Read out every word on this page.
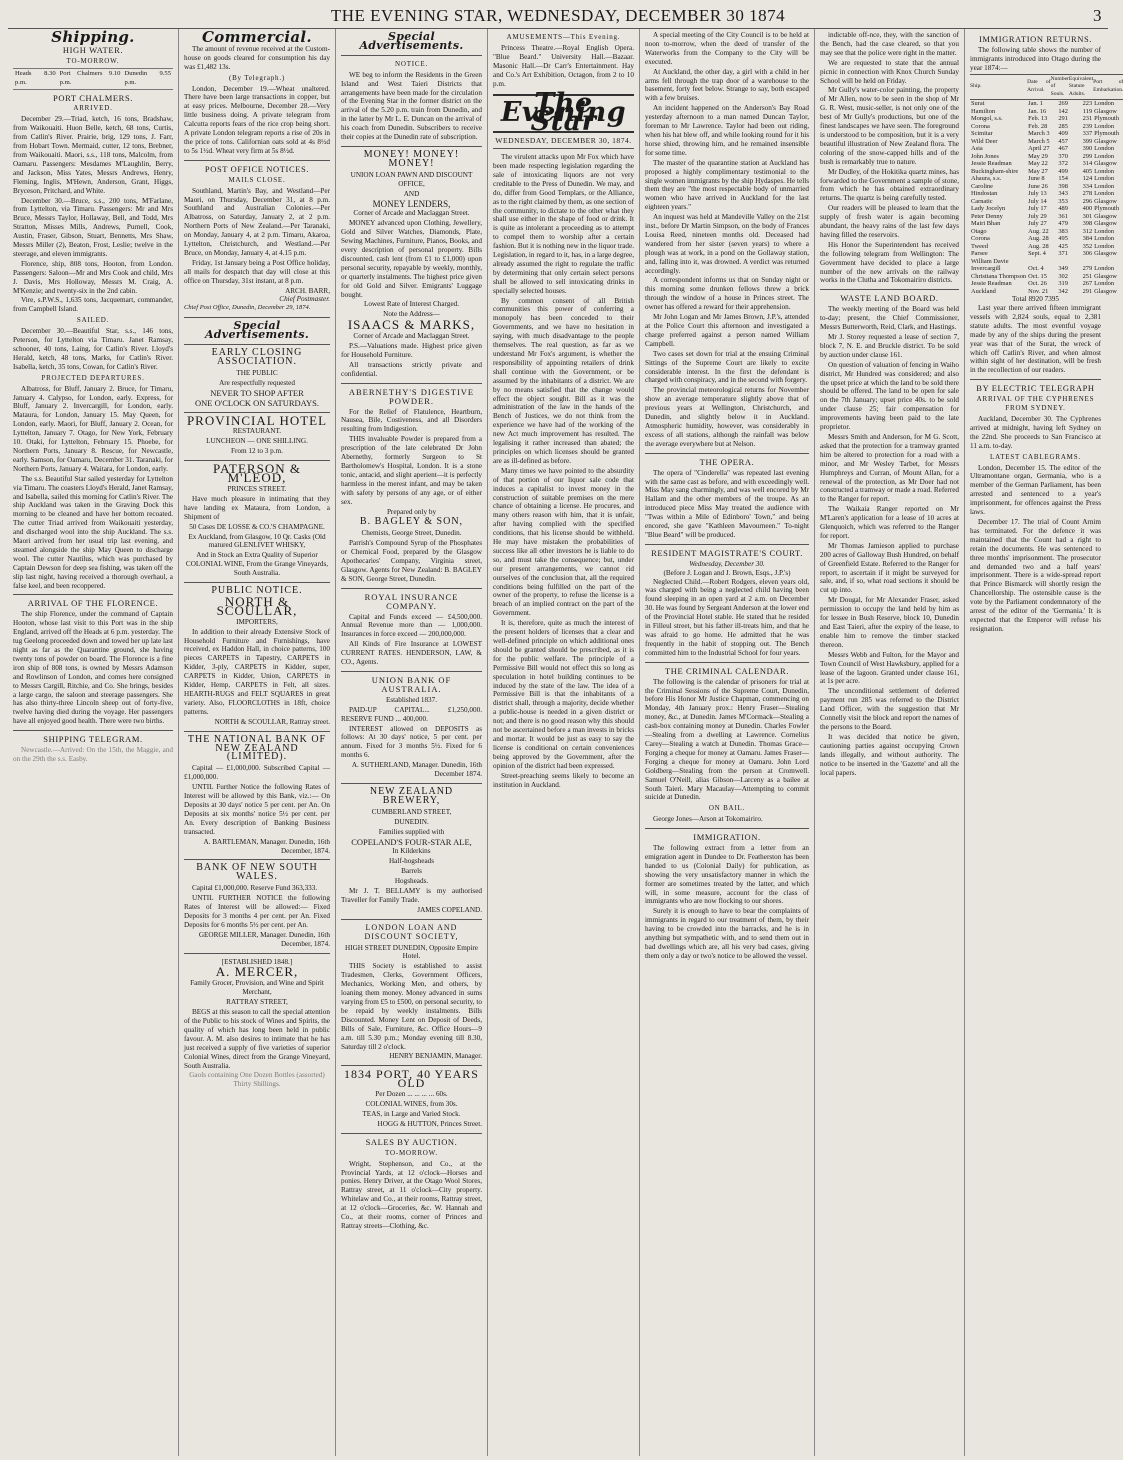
THE EVENING STAR, WEDNESDAY, DECEMBER 30 1874	3
Shipping.
HIGH WATER.
TO-MORROW.
Heads 8.30 p.m.
Port Chalmers 9.10 p.m.
Dunedin 9.55 p.m.
PORT CHALMERS.
ARRIVED.

December 29.—Triad, ketch, 16 tons, Bradshaw, from Waikouaiti. Huon Belle, ketch, 68 tons, Curtis, from Catlin's River. Prairie, brig, 129 tons, J. Farr, from Hobart Town. Mermaid, cutter, 12 tons, Brebner, from Waikouaiti. Maori, s.s., 118 tons, Malcolm, from Oamaru. Passengers: Mesdames M'Laughlin, Berry, and Jackson, Miss Yates, Messrs Andrews, Henry, Fleming, Inglis, M'Hewn, Anderson, Grant, Higgs, Bryceson, Pritchard, and White.

December 30.—Bruce, s.s., 200 tons, M'Farlane, from Lyttelton, via Timaru. Passengers: Mr and Mrs Bruce, Messrs Taylor, Hollaway, Bell, and Todd, Mrs Stratton, Misses Mills, Andrews, Purnell, Cook, Austin, Fraser, Gibson, Stuart, Bennetts, Mrs Shaw, Messrs Miller (2), Beaton, Frost, Leslie; twelve in the steerage, and eleven immigrants.

Florence, ship, 808 tons, Hooton, from London. Passengers: Saloon—Mr and Mrs Cook and child, Mrs J. Davis, Mrs Holloway, Messrs M. Craig, A. M'Kenzie; and twenty-six in the 2nd cabin.

Vire, s.P.W.S., 1,635 tons, Jacquemart, commander, from Campbell Island.

SAILED.

December 30.—Beautiful Star, s.s., 146 tons, Peterson, for Lyttelton via Timaru. Janet Ramsay, schooner, 40 tons, Laing, for Catlin's River. Lloyd's Herald, ketch, 48 tons, Marks, for Catlin's River. Isabella, ketch, 35 tons, Cowan, for Catlin's River.

PROJECTED DEPARTURES.

Albatross, for Bluff, January 2. Bruce, for Timaru, January 4. Calypso, for London, early. Express, for Bluff, January 2. Invercargill, for London, early. Mataura, for London, January 15. May Queen, for London, early. Maori, for Bluff, January 2. Ocean, for Lyttelton, January 7. Otago, for New York, February 10. Otaki, for Lyttelton, February 15. Phoebe, for Northern Ports, January 8. Rescue, for Newcastle, early. Samson, for Oamaru, December 31. Taranaki, for Northern Ports, January 4. Waitara, for London, early.

The s.s. Beautiful Star sailed yesterday for Lyttelton via Timaru. The coasters Lloyd's Herald, Janet Ramsay, and Isabella, sailed this morning for Catlin's River. The ship Auckland was taken in the Graving Dock this morning to be cleaned and have her bottom recoated. The cutter Triad arrived from Waikouaiti yesterday, and discharged wool into the ship Auckland. The s.s. Maori arrived from her usual trip last evening, and steamed alongside the ship May Queen to discharge wool. The cutter Nautilus, which was purchased by Captain Dewson for deep sea fishing, was taken off the slip last night, having received a thorough overhaul, a false keel, and been recoppered.

ARRIVAL OF THE FLORENCE.

The ship Florence, under the command of Captain Hooton, whose last visit to this Port was in the ship England, arrived off the Heads at 6 p.m. yesterday. The tug Geelong proceeded down and towed her up late last night as far as the Quarantine ground, she having twenty tons of powder on board. The Florence is a fine iron ship of 808 tons, is owned by Messrs Adamson and Rowlinson of London, and comes here consigned to Messrs Cargill, Ritchie, and Co. She brings, besides a large cargo, the saloon and steerage passengers. She has also thirty-three Lincoln sheep out of forty-five, twelve having died during the voyage. Her passengers have all enjoyed good health. There were two births.

SHIPPING TELEGRAM.

Newcastle.—Arrived: On the 15th, the Maggie, and on the 29th the s.s. Easby.

Commercial.

The amount of revenue received at the Custom-house on goods cleared for consumption his day was £1,482 13s.

(By Telegraph.)

London, December 19.—Wheat unaltered. There have been large transactions in copper, but at easy prices. Melbourne, December 28.—Very little business doing. A private telegram from Calcutta reports fears of the rice crop being short. A private London telegram reports a rise of 20s in the price of tons. Californian oats sold at 4s 8½d to 5s 1½d. Wheat very firm at 5s 8½d.

POST OFFICE NOTICES.
MAILS CLOSE.

Southland, Martin's Bay, and Westland—Per Maori, on Thursday, December 31, at 8 p.m. Southland and Australian Colonies.—Per Albatross, on Saturday, January 2, at 2 p.m. Northern Ports of New Zealand.—Per Taranaki, on Monday, January 4, at 2 p.m. Timaru, Akaroa, Lyttelton, Christchurch, and Westland.—Per Bruce, on Monday, January 4, at 4.15 p.m.

Friday, 1st January being a Post Office holiday, all mails for despatch that day will close at this office on Thursday, 31st instant, at 8 p.m.

ARCH. BARR,
Chief Postmaster.
Chief Post Office, Dunedin, December 29, 1874.
Special Advertisements.
EARLY CLOSING ASSOCIATION.
THE PUBLIC
Are respectfully requested
NEVER TO SHOP AFTER
ONE O'CLOCK ON SATURDAYS.
PROVINCIAL HOTEL
RESTAURANT.
LUNCHEON — ONE SHILLING.
From 12 to 3 p.m.
PATERSON & M'LEOD,
PRINCES STREET.

Have much pleasure in intimating that they have landing ex Mataura, from London, a Shipment of

50 Cases DE LOSSE & CO.'S CHAMPAGNE.
Ex Auckland, from Glasgow, 10 Qr. Casks (Old matured GLENLIVET WHISKY,
And in Stock an Extra Quality of Superior COLONIAL WINE, From the Grange Vineyards, South Australia.
PUBLIC NOTICE.
NORTH & SCOULLAR,
IMPORTERS,

In addition to their already Extensive Stock of Household Furniture and Furnishings, have received, ex Haddon Hall, in choice patterns, 100 pieces CARPETS in Tapestry, CARPETS in Kidder, 3-ply, CARPETS in Kidder, super, CARPETS in Kidder, Union, CARPETS in Kidder, Hemp, CARPETS in Felt, all sizes. HEARTH-RUGS and FELT SQUARES in great variety. Also, FLOORCLOTHS in 18ft, choice patterns.

NORTH & SCOULLAR, Rattray street.
THE NATIONAL BANK OF NEW ZEALAND (LIMITED).

Capital — £1,000,000. Subscribed Capital — £1,000,000.

UNTIL Further Notice the following Rates of Interest will be allowed by this Bank, viz.:— On Deposits at 30 days' notice 5 per cent. per An. On Deposits at six months' notice 5½ per cent. per An. Every description of Banking Business transacted.

A. BARTLEMAN, Manager. Dunedin, 16th December, 1874.
BANK OF NEW SOUTH WALES.

Capital £1,000,000. Reserve Fund 363,333.

UNTIL FURTHER NOTICE the following Rates of Interest will be allowed:— Fixed Deposits for 3 months 4 per cent. per An. Fixed Deposits for 6 months 5½ per cent. per An.

GEORGE MILLER, Manager. Dunedin, 16th December, 1874.
[ESTABLISHED 1848.]
A. MERCER,
Family Grocer, Provision, and Wine and Spirit Merchant,
RATTRAY STREET,

BEGS at this season to call the special attention of the Public to his stock of Wines and Spirits, the quality of which has long been held in public favour. A. M. also desires to intimate that he has just received a supply of five varieties of superior Colonial Wines, direct from the Grange Vineyard, South Australia.

Gaols containing One Dozen Bottles (assorted) Thirty Shillings.
Special Advertisements.
NOTICE.

WE beg to inform the Residents in the Green Island and West Taieri Districts that arrangements have been made for the circulation of the Evening Star in the former district on the arrival of the 5.20 p.m. train from Dunedin, and in the latter by Mr L. E. Duncan on the arrival of his coach from Dunedin. Subscribers to receive their copies at the Dunedin rate of subscription.

MONEY! MONEY! MONEY!
UNION LOAN PAWN AND DISCOUNT OFFICE,
AND
MONEY LENDERS,
Corner of Arcade and Maclaggan Street.

MONEY advanced upon Clothing, Jewellery, Gold and Silver Watches, Diamonds, Plate, Sewing Machines, Furniture, Pianos, Books, and every description of personal property. Bills discounted, cash lent (from £1 to £1,000) upon personal security, repayable by weekly, monthly, or quarterly instalments. The highest price given for old Gold and Silver. Emigrants' Luggage bought.

Lowest Rate of Interest Charged.
Note the Address—
ISAACS & MARKS,
Corner of Arcade and Maclaggan Street.

P.S.—Valuations made. Highest price given for Household Furniture.

All transactions strictly private and confidential.

ABERNETHY'S DIGESTIVE POWDER.

For the Relief of Flatulence, Heartburn, Nausea, Bile, Costiveness, and all Disorders resulting from Indigestion.

THIS invaluable Powder is prepared from a prescription of the late celebrated Dr John Abernethy, formerly Surgeon to St Bartholomew's Hospital, London. It is a stone tonic, antacid, and slight aperient—it is perfectly harmless in the merest infant, and may be taken with safety by persons of any age, or of either sex.

Prepared only by
B. BAGLEY & SON,
Chemists, George Street, Dunedin.

Parrish's Compound Syrup of the Phosphates or Chemical Food, prepared by the Glasgow Apothecaries' Company, Virginia street, Glasgow. Agents for New Zealand: B. BAGLEY & SON, George Street, Dunedin.

ROYAL INSURANCE COMPANY.

Capital and Funds exceed — £4,500,000. Annual Revenue more than — 1,000,000. Insurances in force exceed — 200,000,000.

All Kinds of Fire Insurance at LOWEST CURRENT RATES. HENDERSON, LAW, & CO., Agents.

UNION BANK OF AUSTRALIA.
Established 1837.

PAID-UP CAPITAL... £1,250,000. RESERVE FUND ... 400,000.

INTEREST allowed on DEPOSITS as follows: At 30 days' notice, 5 per cent. per annum. Fixed for 3 months 5½. Fixed for 6 months 6.

A. SUTHERLAND, Manager. Dunedin, 16th December 1874.
NEW ZEALAND BREWERY,
CUMBERLAND STREET,
DUNEDIN.
Families supplied with
COPELAND'S FOUR-STAR ALE,
In Kilderkins
Half-hogsheads
Barrels
Hogsheads.

Mr J. T. BELLAMY is my authorised Traveller for Family Trade.

JAMES COPELAND.
LONDON LOAN AND DISCOUNT SOCIETY,
HIGH STREET DUNEDIN, Opposite Empire Hotel.

THIS Society is established to assist Tradesmen, Clerks, Government Officers, Mechanics, Working Men, and others, by loaning them money. Money advanced in sums varying from £5 to £500, on personal security, to be repaid by weekly instalments. Bills Discounted. Money Lent on Deposit of Deeds, Bills of Sale, Furniture, &c. Office Hours—9 a.m. till 5.30 p.m.; Monday evening till 8.30, Saturday till 2 o'clock.

HENRY BENJAMIN, Manager.
1834 PORT, 40 YEARS OLD
Per Dozen ... ... ... ... 60s.
COLONIAL WINES, from 30s.
TEAS, in Large and Varied Stock.
HOGG & HUTTON, Princes Street.
SALES BY AUCTION.
TO-MORROW.

Wright, Stephenson, and Co., at the Provincial Yards, at 12 o'clock—Horses and ponies. Henry Driver, at the Otago Wool Stores, Rattray street, at 11 o'clock—City property. Whitelaw and Co., at their rooms, Rattray street, at 12 o'clock—Groceries, &c. W. Hannah and Co., at their rooms, corner of Princes and Rattray streets—Clothing, &c.

AMUSEMENTS—This Evening.

Princess Theatre.—Royal English Opera. "Blue Beard." University Hall.—Bazaar. Masonic Hall.—Dr Carr's Entertainment. Hay and Co.'s Art Exhibition, Octagon, from 2 to 10 p.m.

The Evening Star
WEDNESDAY, DECEMBER 30, 1874.

The virulent attacks upon Mr Fox which have been made respecting legislation regarding the sale of intoxicating liquors are not very creditable to the Press of Dunedin. We may, and do, differ from Good Templars, or the Alliance, as to the right claimed by them, as one section of the community, to dictate to the other what they shall use either in the shape of food or drink. It is quite as intolerant a proceeding as to attempt to compel them to worship after a certain fashion. But it is nothing new in the liquor trade. Legislation, in regard to it, has, in a large degree, already assumed the right to regulate the traffic by determining that only certain select persons shall be allowed to sell intoxicating drinks in specially selected houses.

By common consent of all British communities this power of conferring a monopoly has been conceded to their Governments, and we have no hesitation in saying, with much disadvantage to the people themselves. The real question, as far as we understand Mr Fox's argument, is whether the responsibility of appointing retailers of drink shall continue with the Government, or be assumed by the inhabitants of a district. We are by no means satisfied that the change would effect the object sought. Bill as it was the administration of the law in the hands of the Bench of Justices, we do not think from the experience we have had of the working of the new Act much improvement has resulted. The legalising it rather increased than abated; the principles on which licenses should be granted are as ill-defined as before.

Many times we have pointed to the absurdity of that portion of our liquor sale code that induces a capitalist to invest money in the construction of suitable premises on the mere chance of obtaining a license. He procures, and many others reason with him, that it is unfair, after having complied with the specified conditions, that his license should be withheld. He may have mistaken the probabilities of success like all other investors he is liable to do so, and must take the consequence; but, under our present arrangements, we cannot rid ourselves of the conclusion that, all the required conditions being fulfilled on the part of the owner of the property, to refuse the license is a breach of an implied contract on the part of the Government.

It is, therefore, quite as much the interest of the present holders of licenses that a clear and well-defined principle on which additional ones should be granted should be prescribed, as it is for the public welfare. The principle of a Permissive Bill would not effect this so long as speculation in hotel building continues to be induced by the state of the law. The idea of a Permissive Bill is that the inhabitants of a district shall, through a majority, decide whether a public-house is needed in a given district or not; and there is no good reason why this should not be ascertained before a man invests in bricks and mortar. It would be just as easy to say the license is conditional on certain conveniences being approved by the Government, after the opinion of the district had been expressed.

Street-preaching seems likely to become an institution in Auckland.

A special meeting of the City Council is to be held at noon to-morrow, when the deed of transfer of the Waterworks from the Company to the City will be executed.

At Auckland, the other day, a girl with a child in her arms fell through the trap door of a warehouse to the basement, forty feet below. Strange to say, both escaped with a few bruises.

An incident happened on the Anderson's Bay Road yesterday afternoon to a man named Duncan Taylor, foreman to Mr Lawrence. Taylor had been out riding, when his hat blew off, and while looking round for it his horse shied, throwing him, and he remained insensible for some time.

The master of the quarantine station at Auckland has proposed a highly complimentary testimonial to the single women immigrants by the ship Hydaspes. He tells them they are "the most respectable body of unmarried women who have arrived in Auckland for the last eighteen years."

An inquest was held at Mandeville Valley on the 21st inst., before Dr Martin Simpson, on the body of Frances Louisa Reed, nineteen months old. Deceased had wandered from her sister (seven years) to where a plough was at work, in a pond on the Gollaway station, and, falling into it, was drowned. A verdict was returned accordingly.

A correspondent informs us that on Sunday night or this morning some drunken fellows threw a brick through the window of a house in Princes street. The owner has offered a reward for their apprehension.

Mr John Logan and Mr James Brown, J.P.'s, attended at the Police Court this afternoon and investigated a charge preferred against a person named William Campbell.

Two cases set down for trial at the ensuing Criminal Sittings of the Supreme Court are likely to excite considerable interest. In the first the defendant is charged with conspiracy, and in the second with forgery.

The provincial meteorological returns for November show an average temperature slightly above that of previous years at Wellington, Christchurch, and Dunedin, and slightly below it in Auckland. Atmospheric humidity, however, was considerably in excess of all stations, although the rainfall was below the average everywhere but at Nelson.

THE OPERA.

The opera of "Cinderella" was repeated last evening with the same cast as before, and with exceedingly well. Miss May sang charmingly, and was well encored by Mr Hallam and the other members of the troupe. As an introduced piece Miss May treated the audience with "Twas within a Mile of Edinboro' Town," and being encored, she gave "Kathleen Mavourneen." To-night "Blue Beard" will be produced.

RESIDENT MAGISTRATE'S COURT.
Wednesday, December 30.
(Before J. Logan and J. Brown, Esqs., J.P.'s)

Neglected Child.—Robert Rodgers, eleven years old, was charged with being a neglected child having been found sleeping in an open yard at 2 a.m. on December 30. He was found by Sergeant Anderson at the lower end of the Provincial Hotel stable. He stated that he resided in Filleul street, but his father ill-treats him, and that he was afraid to go home. He admitted that he was frequently in the habit of stopping out. The Bench committed him to the Industrial School for four years.

THE CRIMINAL CALENDAR.

The following is the calendar of prisoners for trial at the Criminal Sessions of the Supreme Court, Dunedin, before His Honor Mr Justice Chapman, commencing on Monday, 4th January prox.: Henry Fraser—Stealing money, &c., at Dunedin. James M'Cormack—Stealing a cash-box containing money at Dunedin. Charles Fowler—Stealing from a dwelling at Lawrence. Cornelius Carey—Stealing a watch at Dunedin. Thomas Grace—Forging a cheque for money at Oamaru. James Fraser—Forging a cheque for money at Oamaru. John Lord Goldberg—Stealing from the person at Cromwell. Samuel O'Neill, alias Gibson—Larceny as a bailee at South Taieri. Mary Macaulay—Attempting to commit suicide at Dunedin.

ON BAIL.

George Jones—Arson at Tokomairiro.

IMMIGRATION.

The following extract from a letter from an emigration agent in Dundee to Dr. Featherston has been handed to us (Colonial Daily) for publication, as showing the very unsatisfactory manner in which the former are sometimes treated by the latter, and which will, in some measure, account for the class of immigrants who are now flocking to our shores.

Surely it is enough to have to bear the complaints of immigrants in regard to our treatment of them, by their having to be crowded into the barracks, and he is in anything but sympathetic with, and to send them out in bad dwellings which are, all his very bad cases, giving them only a day or two's notice to be allowed the vessel.

indictable off-nce, they, with the sanction of the Bench, had the case cleared, so that you may see that the police were right in the matter.

We are requested to state that the annual picnic in connection with Knox Church Sunday School will be held on Friday.

Mr Gully's water-color painting, the property of Mr Allen, now to be seen in the shop of Mr G. R. West, music-seller, is not only one of the best of Mr Gully's productions, but one of the finest landscapes we have seen. The foreground is understood to be composition, but it is a very beautiful illustration of New Zealand flora. The coloring of the snow-capped hills and of the bush is remarkably true to nature.

Mr Dudley, of the Hokitika quartz mines, has forwarded to the Government a sample of stone, from which he has obtained extraordinary returns. The quartz is being carefully tested.

Our readers will be pleased to learn that the supply of fresh water is again becoming abundant, the heavy rains of the last few days having filled the reservoirs.

His Honor the Superintendent has received the following telegram from Wellington: The Government have decided to place a large number of the new arrivals on the railway works in the Clutha and Tokomairiro districts.

WASTE LAND BOARD.

The weekly meeting of the Board was held to-day; present, the Chief Commissioner, Messrs Butterworth, Reid, Clark, and Hastings.

Mr J. Storey requested a lease of section 7, block 7, N. E. and Bruckle district. To be sold by auction under clause 161.

On question of valuation of fencing in Waiho district, Mr Hundred was considered; and also the upset price at which the land to be sold there should be offered. The land to be open for sale on the 7th January; upset price 40s. to be sold under clause 25; fair compensation for improvements having been paid to the late proprietor.

Messrs Smith and Anderson, for M G. Scott, asked that the protection for a tramway granted him be altered to protection for a road with a minor, and Mr Wesley Tarbet, for Messrs Humphreys and Curran, of Mount Allan, for a renewal of the protection, as Mr Doer had not constructed a tramway or made a road. Referred to the Ranger for report.

The Waikaia Ranger reported on Mr M'Laren's application for a lease of 10 acres at Glenquoich, which was referred to the Ranger for report.

Mr Thomas Jamieson applied to purchase 200 acres of Galloway Bush Hundred, on behalf of Greenfield Estate. Referred to the Ranger for report, to ascertain if it might be surveyed for sale, and, if so, what road sections it should be cut up into.

Mr Dougal, for Mr Alexander Fraser, asked permission to occupy the land held by him as for lessee in Bush Reserve, block 10, Dunedin and East Taieri, after the expiry of the lease, to enable him to remove the timber stacked thereon.

Messrs Webb and Fulton, for the Mayor and Town Council of West Hawksbury, applied for a lease of the lagoon. Granted under clause 161, at 1s per acre.

The unconditional settlement of deferred payment run 285 was referred to the District Land Officer, with the suggestion that Mr Connelly visit the block and report the names of the persons to the Board.

It was decided that notice be given, cautioning parties against occupying Crown lands illegally, and without authority. The notice to be inserted in the 'Gazette' and all the local papers.

IMMIGRATION RETURNS.

The following table shows the number of immigrants introduced into Otago during the year 1874:—

Ship.	Date of Arrival.	Number of Souls.	Equivalent Statute Adults.	Port of Embarkation.
Surat	Jan. 1	269	223	London
Hamilton	Jan. 16	142	119	Glasgow
Mongol, s.s.	Feb. 13	291	231	Plymouth
Corona	Feb. 28	285	239	London
Scimitar	March 3	409	337	Plymouth
Wild Deer	March 5	457	399	Glasgow
Asia	April 27	467	390	London
John Jones	May 29	370	299	London
Jessie Readman	May 22	372	314	Glasgow
Buckingham-shire	May 27	499	405	London
Ahaura, s.s.	June 8	154	124	London
Caroline	June 26	398	334	London
Hindostan	July 13	343	278	London
Carnatic	July 14	353	296	Glasgow
Lady Jocelyn	July 17	489	400	Plymouth
Peter Denny	July 29	361	301	Glasgow
Mairi Bhan	July 27	479	398	Glasgow
Otago	Aug. 22	383	312	London
Corona	Aug. 28	495	384	London
Tweed	Aug. 28	425	352	London
Parsee	Sept. 4	371	306	Glasgow
William Davie				
Invercargill	Oct. 4	349	279	London
Christiana Thompson	Oct. 15	302	251	Glasgow
Jessie Readman	Oct. 26	319	267	London
Auckland	Nov. 21	342	291	Glasgow
Total 8920 7395

Last year there arrived fifteen immigrant vessels with 2,824 souls, equal to 2,381 statute adults. The most eventful voyage made by any of the ships during the present year was that of the Surat, the wreck of which off Catlin's River, and when almost within sight of her destination, will be fresh in the recollection of our readers.

BY ELECTRIC TELEGRAPH
ARRIVAL OF THE CYPHRENES FROM SYDNEY.

Auckland, December 30. The Cyphrenes arrived at midnight, having left Sydney on the 22nd. She proceeds to San Francisco at 11 a.m. to-day.

LATEST CABLEGRAMS.

London, December 15. The editor of the Ultramontane organ, Germania, who is a member of the German Parliament, has been arrested and sentenced to a year's imprisonment, for offences against the Press laws.

December 17. The trial of Count Arnim has terminated. For the defence it was maintained that the Count had a right to retain the documents. He was sentenced to three months' imprisonment. The prosecutor and demanded two and a half years' imprisonment. There is a wide-spread report that Prince Bismarck will shortly resign the Chancellorship. The ostensible cause is the vote by the Parliament condemnatory of the arrest of the editor of the 'Germania.' It is expected that the Emperor will refuse his resignation.
